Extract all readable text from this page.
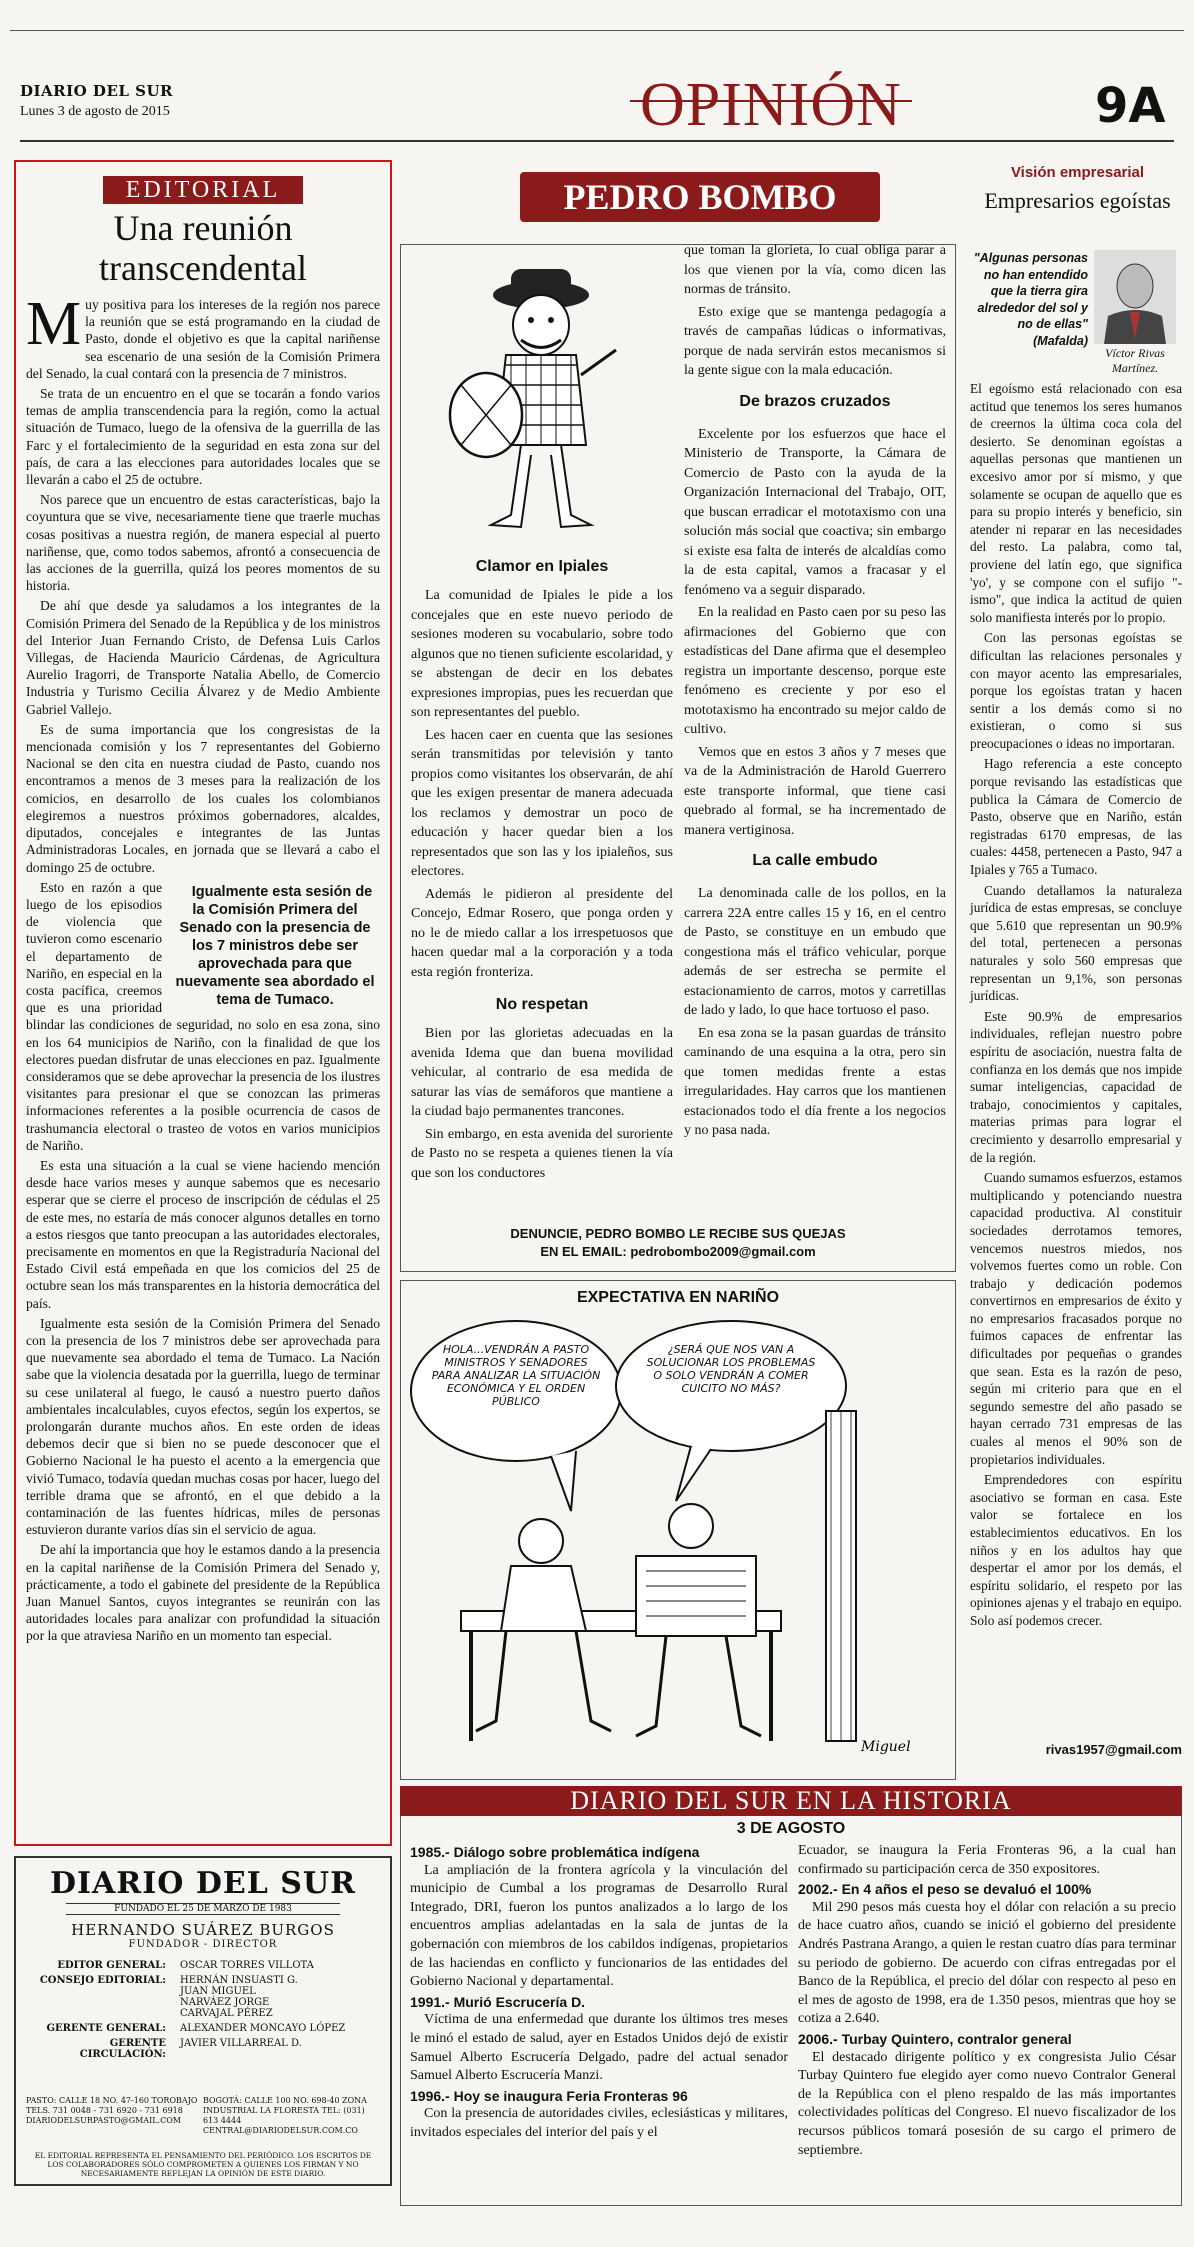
DIARIO DEL SUR
Lunes 3 de agosto de 2015	OPINIÓN	9A
EDITORIAL
Una reunión transcendental

Muy positiva para los intereses de la región nos parece la reunión que se está programando en la ciudad de Pasto, donde el objetivo es que la capital nariñense sea escenario de una sesión de la Comisión Primera del Senado, la cual contará con la presencia de 7 ministros.

Se trata de un encuentro en el que se tocarán a fondo varios temas de amplia transcendencia para la región, como la actual situación de Tumaco, luego de la ofensiva de la guerrilla de las Farc y el fortalecimiento de la seguridad en esta zona sur del país, de cara a las elecciones para autoridades locales que se llevarán a cabo el 25 de octubre.

Nos parece que un encuentro de estas características, bajo la coyuntura que se vive, necesariamente tiene que traerle muchas cosas positivas a nuestra región, de manera especial al puerto nariñense, que, como todos sabemos, afrontó a consecuencia de las acciones de la guerrilla, quizá los peores momentos de su historia.

De ahí que desde ya saludamos a los integrantes de la Comisión Primera del Senado de la República y de los ministros del Interior Juan Fernando Cristo, de Defensa Luis Carlos Villegas, de Hacienda Mauricio Cárdenas, de Agricultura Aurelio Iragorri, de Transporte Natalia Abello, de Comercio Industria y Turismo Cecilia Álvarez y de Medio Ambiente Gabriel Vallejo.

Es de suma importancia que los congresistas de la mencionada comisión y los 7 representantes del Gobierno Nacional se den cita en nuestra ciudad de Pasto, cuando nos encontramos a menos de 3 meses para la realización de los comicios, en desarrollo de los cuales los colombianos elegiremos a nuestros próximos gobernadores, alcaldes, diputados, concejales e integrantes de las Juntas Administradoras Locales, en jornada que se llevará a cabo el domingo 25 de octubre.

Igualmente esta sesión de la Comisión Primera del Senado con la presencia de los 7 ministros debe ser aprovechada para que nuevamente sea abordado el tema de Tumaco.
Esto en razón a que luego de los episodios de violencia que tuvieron como escenario el departamento de Nariño, en especial en la costa pacífica, creemos que es una prioridad blindar las condiciones de seguridad, no solo en esa zona, sino en los 64 municipios de Nariño, con la finalidad de que los electores puedan disfrutar de unas elecciones en paz. Igualmente consideramos que se debe aprovechar la presencia de los ilustres visitantes para presionar el que se conozcan las primeras informaciones referentes a la posible ocurrencia de casos de trashumancia electoral o trasteo de votos en varios municipios de Nariño.

Es esta una situación a la cual se viene haciendo mención desde hace varios meses y aunque sabemos que es necesario esperar que se cierre el proceso de inscripción de cédulas el 25 de este mes, no estaría de más conocer algunos detalles en torno a estos riesgos que tanto preocupan a las autoridades electorales, precisamente en momentos en que la Registraduría Nacional del Estado Civil está empeñada en que los comicios del 25 de octubre sean los más transparentes en la historia democrática del país.

Igualmente esta sesión de la Comisión Primera del Senado con la presencia de los 7 ministros debe ser aprovechada para que nuevamente sea abordado el tema de Tumaco. La Nación sabe que la violencia desatada por la guerrilla, luego de terminar su cese unilateral al fuego, le causó a nuestro puerto daños ambientales incalculables, cuyos efectos, según los expertos, se prolongarán durante muchos años. En este orden de ideas debemos decir que si bien no se puede desconocer que el Gobierno Nacional le ha puesto el acento a la emergencia que vivió Tumaco, todavía quedan muchas cosas por hacer, luego del terrible drama que se afrontó, en el que debido a la contaminación de las fuentes hídricas, miles de personas estuvieron durante varios días sin el servicio de agua.

De ahí la importancia que hoy le estamos dando a la presencia en la capital nariñense de la Comisión Primera del Senado y, prácticamente, a todo el gabinete del presidente de la República Juan Manuel Santos, cuyos integrantes se reunirán con las autoridades locales para analizar con profundidad la situación por la que atraviesa Nariño en un momento tan especial.

DIARIO DEL SUR
FUNDADO EL 25 DE MARZO DE 1983
HERNANDO SUÁREZ BURGOS
FUNDADOR - DIRECTOR
EDITOR GENERAL:	OSCAR TORRES VILLOTA
CONSEJO EDITORIAL:	HERNÁN INSUASTI G. JUAN MIGUEL NARVÁEZ JORGE CARVAJAL PÉREZ
GERENTE GENERAL:	ALEXANDER MONCAYO LÓPEZ
GERENTE CIRCULACIÓN:
JAVIER VILLARREAL D.
PASTO: CALLE 18 NO. 47-160 TOROBAJO TELS. 731 0048 - 731 6920 - 731 6918 DIARIODELSURPASTO@GMAIL.COM
BOGOTÁ: CALLE 100 NO. 698-40 ZONA INDUSTRIAL LA FLORESTA TEL: (031) 613 4444 CENTRAL@DIARIODELSUR.COM.CO
EL EDITORIAL REPRESENTA EL PENSAMIENTO DEL PERIÓDICO. LOS ESCRITOS DE LOS COLABORADORES SÓLO COMPROMETEN A QUIENES LOS FIRMAN Y NO NECESARIAMENTE REFLEJAN LA OPINIÓN DE ESTE DIARIO.
PEDRO BOMBO
Clamor en Ipiales

La comunidad de Ipiales le pide a los concejales que en este nuevo periodo de sesiones moderen su vocabulario, sobre todo algunos que no tienen suficiente escolaridad, y se abstengan de decir en los debates expresiones impropias, pues les recuerdan que son representantes del pueblo.

Les hacen caer en cuenta que las sesiones serán transmitidas por televisión y tanto propios como visitantes los observarán, de ahí que les exigen presentar de manera adecuada los reclamos y demostrar un poco de educación y hacer quedar bien a los representados que son las y los ipialeños, sus electores.

Además le pidieron al presidente del Concejo, Edmar Rosero, que ponga orden y no le de miedo callar a los irrespetuosos que hacen quedar mal a la corporación y a toda esta región fronteriza.

No respetan

Bien por las glorietas adecuadas en la avenida Idema que dan buena movilidad vehicular, al contrario de esa medida de saturar las vías de semáforos que mantiene a la ciudad bajo permanentes trancones.

Sin embargo, en esta avenida del suroriente de Pasto no se respeta a quienes tienen la vía que son los conductores

que toman la glorieta, lo cual obliga parar a los que vienen por la vía, como dicen las normas de tránsito.

Esto exige que se mantenga pedagogía a través de campañas lúdicas o informativas, porque de nada servirán estos mecanismos si la gente sigue con la mala educación.

De brazos cruzados

Excelente por los esfuerzos que hace el Ministerio de Transporte, la Cámara de Comercio de Pasto con la ayuda de la Organización Internacional del Trabajo, OIT, que buscan erradicar el mototaxismo con una solución más social que coactiva; sin embargo si existe esa falta de interés de alcaldías como la de esta capital, vamos a fracasar y el fenómeno va a seguir disparado.

En la realidad en Pasto caen por su peso las afirmaciones del Gobierno que con estadísticas del Dane afirma que el desempleo registra un importante descenso, porque este fenómeno es creciente y por eso el mototaxismo ha encontrado su mejor caldo de cultivo.

Vemos que en estos 3 años y 7 meses que va de la Administración de Harold Guerrero este transporte informal, que tiene casi quebrado al formal, se ha incrementado de manera vertiginosa.

La calle embudo

La denominada calle de los pollos, en la carrera 22A entre calles 15 y 16, en el centro de Pasto, se constituye en un embudo que congestiona más el tráfico vehicular, porque además de ser estrecha se permite el estacionamiento de carros, motos y carretillas de lado y lado, lo que hace tortuoso el paso.

En esa zona se la pasan guardas de tránsito caminando de una esquina a la otra, pero sin que tomen medidas frente a estas irregularidades. Hay carros que los mantienen estacionados todo el día frente a los negocios y no pasa nada.

DENUNCIE, PEDRO BOMBO LE RECIBE SUS QUEJAS
EN EL EMAIL: pedrobombo2009@gmail.com
EXPECTATIVA EN NARIÑO
Miguel
HOLA...VENDRÁN A PASTO MINISTROS Y SENADORES PARA ANALIZAR LA SITUACIÓN ECONÓMICA Y EL ORDEN PÚBLICO
¿SERÁ QUE NOS VAN A SOLUCIONAR LOS PROBLEMAS O SOLO VENDRÁN A COMER CUICITO NO MÁS?
Visión empresarial
Empresarios egoístas
"Algunas personas no han entendido que la tierra gira alrededor del sol y no de ellas" (Mafalda)
Víctor Rivas Martínez.

El egoísmo está relacionado con esa actitud que tenemos los seres humanos de creernos la última coca cola del desierto. Se denominan egoístas a aquellas personas que mantienen un excesivo amor por sí mismo, y que solamente se ocupan de aquello que es para su propio interés y beneficio, sin atender ni reparar en las necesidades del resto. La palabra, como tal, proviene del latín ego, que significa 'yo', y se compone con el sufijo "-ismo", que indica la actitud de quien solo manifiesta interés por lo propio.

Con las personas egoístas se dificultan las relaciones personales y con mayor acento las empresariales, porque los egoístas tratan y hacen sentir a los demás como si no existieran, o como si sus preocupaciones o ideas no importaran.

Hago referencia a este concepto porque revisando las estadísticas que publica la Cámara de Comercio de Pasto, observe que en Nariño, están registradas 6170 empresas, de las cuales: 4458, pertenecen a Pasto, 947 a Ipiales y 765 a Tumaco.

Cuando detallamos la naturaleza jurídica de estas empresas, se concluye que 5.610 que representan un 90.9% del total, pertenecen a personas naturales y solo 560 empresas que representan un 9,1%, son personas jurídicas.

Este 90.9% de empresarios individuales, reflejan nuestro pobre espíritu de asociación, nuestra falta de confianza en los demás que nos impide sumar inteligencias, capacidad de trabajo, conocimientos y capitales, materias primas para lograr el crecimiento y desarrollo empresarial y de la región.

Cuando sumamos esfuerzos, estamos multiplicando y potenciando nuestra capacidad productiva. Al constituir sociedades derrotamos temores, vencemos nuestros miedos, nos volvemos fuertes como un roble. Con trabajo y dedicación podemos convertirnos en empresarios de éxito y no empresarios fracasados porque no fuimos capaces de enfrentar las dificultades por pequeñas o grandes que sean. Esta es la razón de peso, según mi criterio para que en el segundo semestre del año pasado se hayan cerrado 731 empresas de las cuales al menos el 90% son de propietarios individuales.

Emprendedores con espíritu asociativo se forman en casa. Este valor se fortalece en los establecimientos educativos. En los niños y en los adultos hay que despertar el amor por los demás, el espíritu solidario, el respeto por las opiniones ajenas y el trabajo en equipo. Solo así podemos crecer.

rivas1957@gmail.com
DIARIO DEL SUR EN LA HISTORIA
3 DE AGOSTO

1985.- Diálogo sobre problemática indígena

La ampliación de la frontera agrícola y la vinculación del municipio de Cumbal a los programas de Desarrollo Rural Integrado, DRI, fueron los puntos analizados a lo largo de los encuentros amplias adelantadas en la sala de juntas de la gobernación con miembros de los cabildos indígenas, propietarios de las haciendas en conflicto y funcionarios de las entidades del Gobierno Nacional y departamental.

1991.- Murió Escrucería D.

Víctima de una enfermedad que durante los últimos tres meses le minó el estado de salud, ayer en Estados Unidos dejó de existir Samuel Alberto Escrucería Delgado, padre del actual senador Samuel Alberto Escrucería Manzi.

1996.- Hoy se inaugura Feria Fronteras 96

Con la presencia de autoridades civiles, eclesiásticas y militares, invitados especiales del interior del país y el

Ecuador, se inaugura la Feria Fronteras 96, a la cual han confirmado su participación cerca de 350 expositores.

2002.- En 4 años el peso se devaluó el 100%

Mil 290 pesos más cuesta hoy el dólar con relación a su precio de hace cuatro años, cuando se inició el gobierno del presidente Andrés Pastrana Arango, a quien le restan cuatro días para terminar su periodo de gobierno. De acuerdo con cifras entregadas por el Banco de la República, el precio del dólar con respecto al peso en el mes de agosto de 1998, era de 1.350 pesos, mientras que hoy se cotiza a 2.640.

2006.- Turbay Quintero, contralor general

El destacado dirigente político y ex congresista Julio César Turbay Quintero fue elegido ayer como nuevo Contralor General de la República con el pleno respaldo de las más importantes colectividades políticas del Congreso. El nuevo fiscalizador de los recursos públicos tomará posesión de su cargo el primero de septiembre.
